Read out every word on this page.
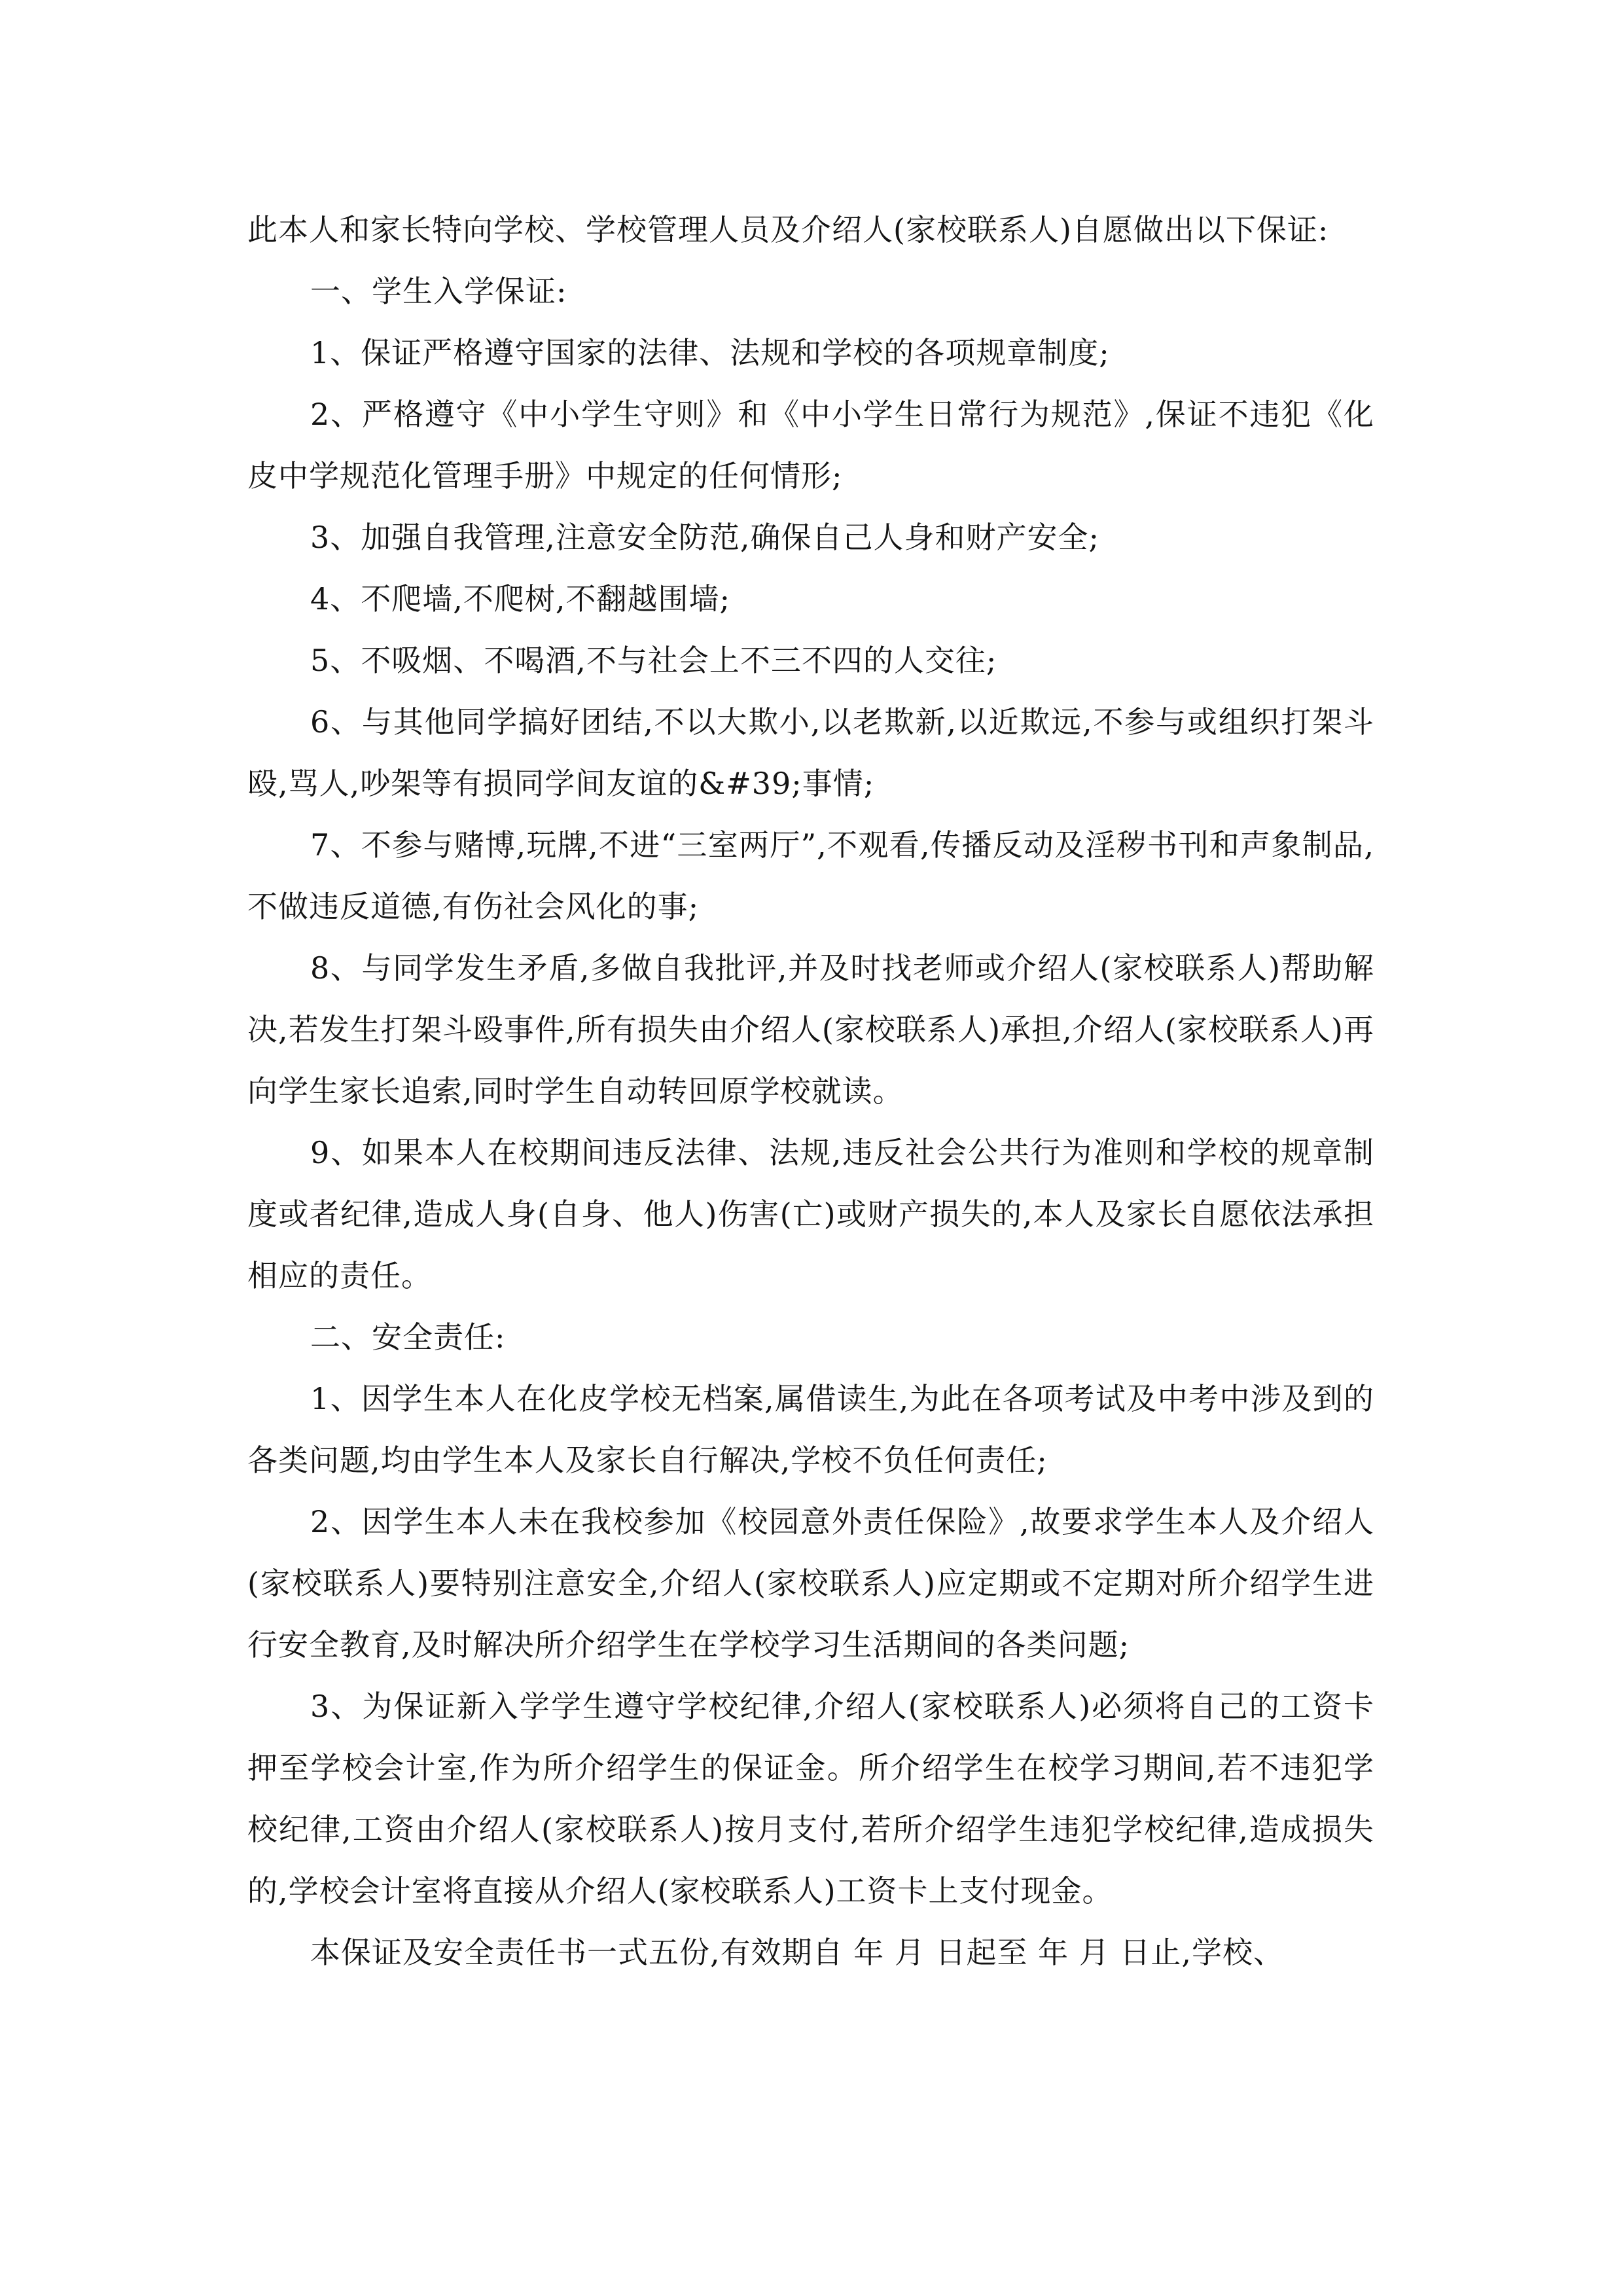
此本人和家长特向学校、学校管理人员及介绍人(家校联系人)自愿做出以下保证:

一、学生入学保证:

1、保证严格遵守国家的法律、法规和学校的各项规章制度;

2、严格遵守《中小学生守则》和《中小学生日常行为规范》,保证不违犯《化皮中学规范化管理手册》中规定的任何情形;

3、加强自我管理,注意安全防范,确保自己人身和财产安全;

4、不爬墙,不爬树,不翻越围墙;

5、不吸烟、不喝酒,不与社会上不三不四的人交往;

6、与其他同学搞好团结,不以大欺小,以老欺新,以近欺远,不参与或组织打架斗殴,骂人,吵架等有损同学间友谊的&#39;事情;

7、不参与赌博,玩牌,不进“三室两厅”,不观看,传播反动及淫秽书刊和声象制品,不做违反道德,有伤社会风化的事;

8、与同学发生矛盾,多做自我批评,并及时找老师或介绍人(家校联系人)帮助解决,若发生打架斗殴事件,所有损失由介绍人(家校联系人)承担,介绍人(家校联系人)再向学生家长追索,同时学生自动转回原学校就读。

9、如果本人在校期间违反法律、法规,违反社会公共行为准则和学校的规章制度或者纪律,造成人身(自身、他人)伤害(亡)或财产损失的,本人及家长自愿依法承担相应的责任。

二、安全责任:

1、因学生本人在化皮学校无档案,属借读生,为此在各项考试及中考中涉及到的各类问题,均由学生本人及家长自行解决,学校不负任何责任;

2、因学生本人未在我校参加《校园意外责任保险》,故要求学生本人及介绍人(家校联系人)要特别注意安全,介绍人(家校联系人)应定期或不定期对所介绍学生进行安全教育,及时解决所介绍学生在学校学习生活期间的各类问题;

3、为保证新入学学生遵守学校纪律,介绍人(家校联系人)必须将自己的工资卡押至学校会计室,作为所介绍学生的保证金。所介绍学生在校学习期间,若不违犯学校纪律,工资由介绍人(家校联系人)按月支付,若所介绍学生违犯学校纪律,造成损失的,学校会计室将直接从介绍人(家校联系人)工资卡上支付现金。

本保证及安全责任书一式五份,有效期自 年 月 日起至 年 月 日止,学校、
